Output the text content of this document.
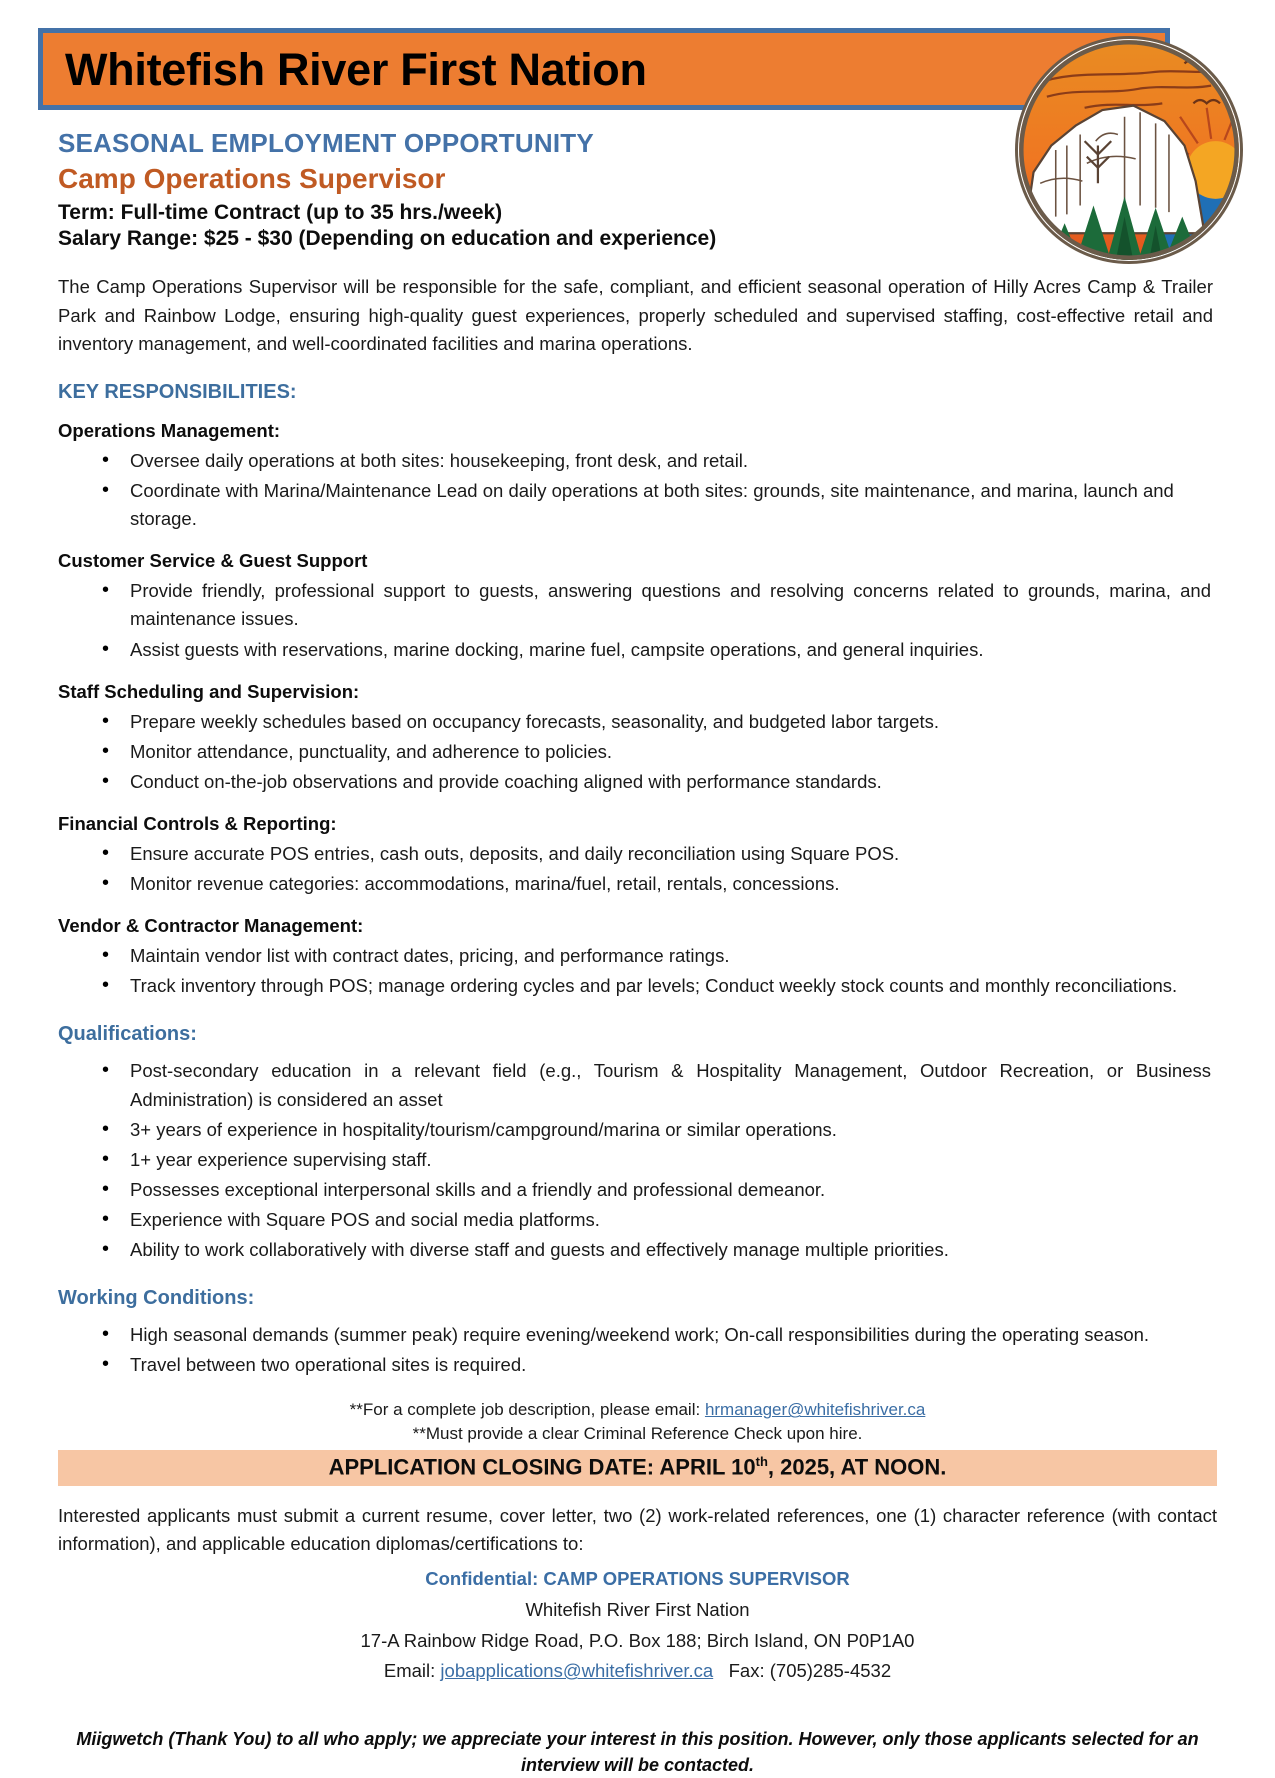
Whitefish River First Nation
SEASONAL EMPLOYMENT OPPORTUNITY
Camp Operations Supervisor
Term: Full-time Contract (up to 35 hrs./week)
Salary Range: $25 - $30 (Depending on education and experience)

The Camp Operations Supervisor will be responsible for the safe, compliant, and efficient seasonal operation of Hilly Acres Camp & Trailer Park and Rainbow Lodge, ensuring high-quality guest experiences, properly scheduled and supervised staffing, cost-effective retail and inventory management, and well-coordinated facilities and marina operations.

KEY RESPONSIBILITIES:
Operations Management:
• Oversee daily operations at both sites: housekeeping, front desk, and retail.
• Coordinate with Marina/Maintenance Lead on daily operations at both sites: grounds, site maintenance, and marina, launch and storage.
Customer Service & Guest Support
• Provide friendly, professional support to guests, answering questions and resolving concerns related to grounds, marina, and maintenance issues.
• Assist guests with reservations, marine docking, marine fuel, campsite operations, and general inquiries.
Staff Scheduling and Supervision:
• Prepare weekly schedules based on occupancy forecasts, seasonality, and budgeted labor targets.
• Monitor attendance, punctuality, and adherence to policies.
• Conduct on-the-job observations and provide coaching aligned with performance standards.
Financial Controls & Reporting:
• Ensure accurate POS entries, cash outs, deposits, and daily reconciliation using Square POS.
• Monitor revenue categories: accommodations, marina/fuel, retail, rentals, concessions.
Vendor & Contractor Management:
• Maintain vendor list with contract dates, pricing, and performance ratings.
• Track inventory through POS; manage ordering cycles and par levels; Conduct weekly stock counts and monthly reconciliations.
Qualifications:
• Post-secondary education in a relevant field (e.g., Tourism & Hospitality Management, Outdoor Recreation, or Business Administration) is considered an asset
• 3+ years of experience in hospitality/tourism/campground/marina or similar operations.
• 1+ year experience supervising staff.
• Possesses exceptional interpersonal skills and a friendly and professional demeanor.
• Experience with Square POS and social media platforms.
• Ability to work collaboratively with diverse staff and guests and effectively manage multiple priorities.
Working Conditions:
• High seasonal demands (summer peak) require evening/weekend work; On-call responsibilities during the operating season.
• Travel between two operational sites is required.
**For a complete job description, please email: hrmanager@whitefishriver.ca
**Must provide a clear Criminal Reference Check upon hire.
APPLICATION CLOSING DATE: APRIL 10th, 2025, AT NOON.

Interested applicants must submit a current resume, cover letter, two (2) work-related references, one (1) character reference (with contact information), and applicable education diplomas/certifications to:

Confidential: CAMP OPERATIONS SUPERVISOR
Whitefish River First Nation
17-A Rainbow Ridge Road, P.O. Box 188; Birch Island, ON P0P1A0
Email: jobapplications@whitefishriver.ca Fax: (705)285-4532
Miigwetch (Thank You) to all who apply; we appreciate your interest in this position. However, only those applicants selected for an interview will be contacted.
